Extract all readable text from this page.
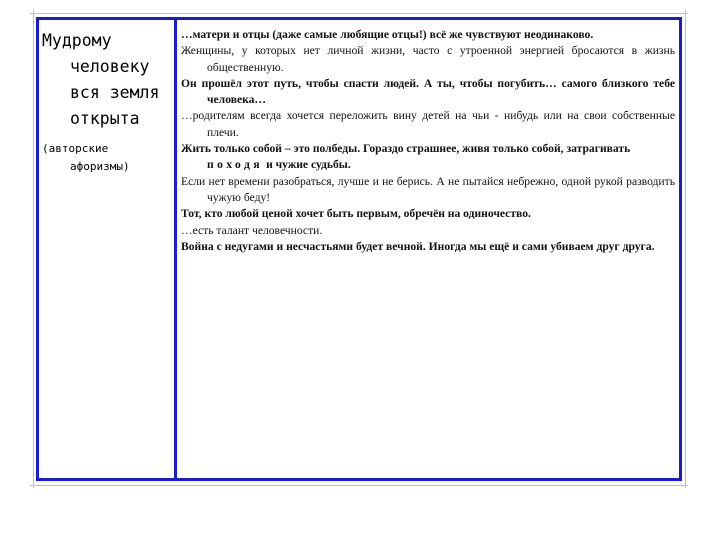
Мудрому
человеку
вся земля
открыта
(авторские
афоризмы)

…матери и отцы (даже самые любящие отцы!) всё же чувствуют неодинаково.

Женщины, у которых нет личной жизни, часто с утроенной энергией бросаются в жизнь общественную.

Он прошёл этот путь, чтобы спасти людей. А ты, чтобы погубить… самого близкого тебе человека…

…родителям всегда хочется переложить вину детей на чьи - нибудь или на свои собственные плечи.

Жить только собой – это полбеды. Гораздо страшнее, живя только собой, затрагивать
походя и чужие судьбы.

Если нет времени разобраться, лучше и не берись. А не пытайся небрежно, одной рукой разводить чужую беду!

Тот, кто любой ценой хочет быть первым, обречён на одиночество.

…есть талант человечности.

Война с недугами и несчастьями будет вечной. Иногда мы ещё и сами убиваем друг друга.
